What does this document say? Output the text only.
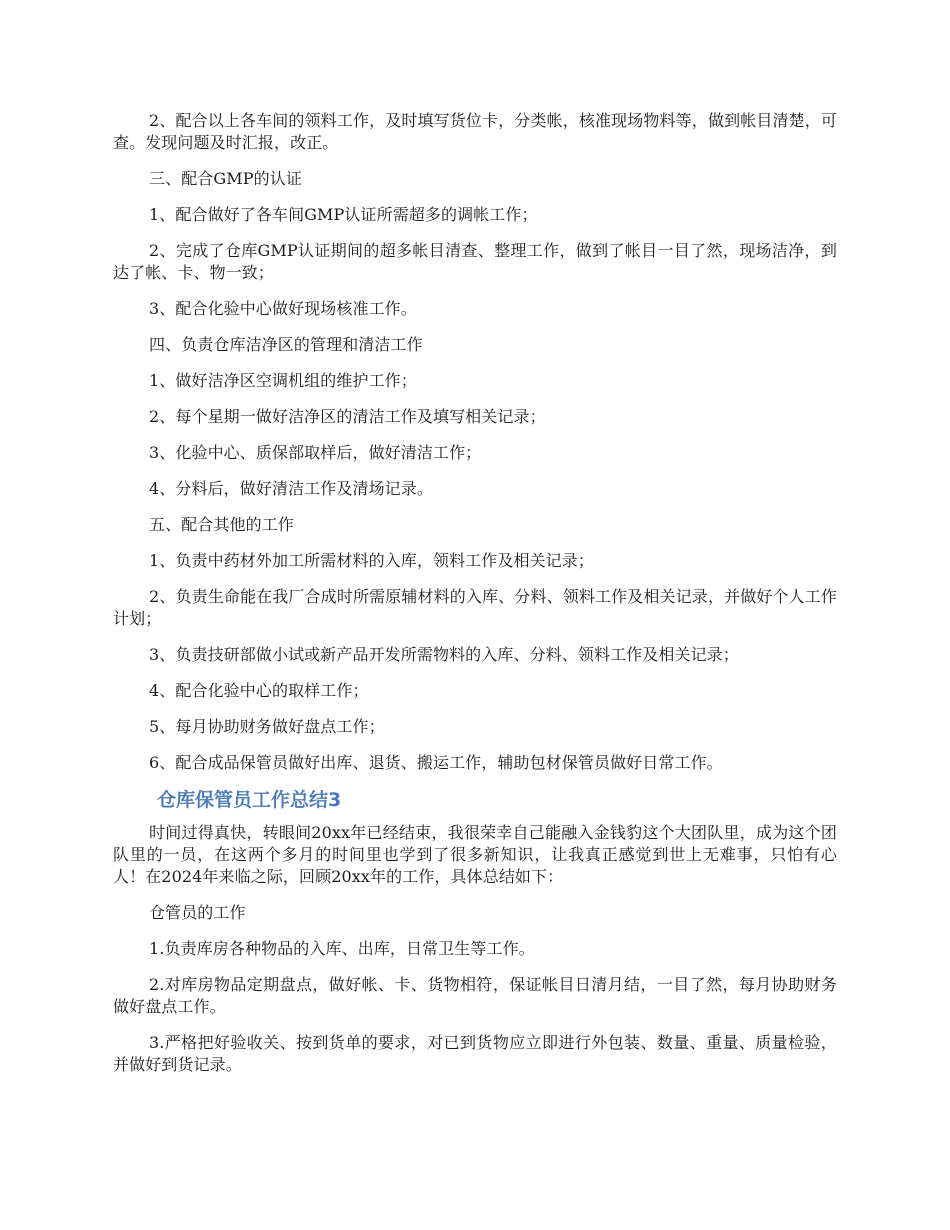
2、配合以上各车间的领料工作，及时填写货位卡，分类帐，核准现场物料等，做到帐目清楚，可查。发现问题及时汇报，改正。

三、配合GMP的认证

1、配合做好了各车间GMP认证所需超多的调帐工作；

2、完成了仓库GMP认证期间的超多帐目清查、整理工作，做到了帐目一目了然，现场洁净，到达了帐、卡、物一致；

3、配合化验中心做好现场核准工作。

四、负责仓库洁净区的管理和清洁工作

1、做好洁净区空调机组的维护工作；

2、每个星期一做好洁净区的清洁工作及填写相关记录；

3、化验中心、质保部取样后，做好清洁工作；

4、分料后，做好清洁工作及清场记录。

五、配合其他的工作

1、负责中药材外加工所需材料的入库，领料工作及相关记录；

2、负责生命能在我厂合成时所需原辅材料的入库、分料、领料工作及相关记录，并做好个人工作计划；

3、负责技研部做小试或新产品开发所需物料的入库、分料、领料工作及相关记录；

4、配合化验中心的取样工作；

5、每月协助财务做好盘点工作；

6、配合成品保管员做好出库、退货、搬运工作，辅助包材保管员做好日常工作。

仓库保管员工作总结3

时间过得真快，转眼间20xx年已经结束，我很荣幸自己能融入金钱豹这个大团队里，成为这个团队里的一员，在这两个多月的时间里也学到了很多新知识，让我真正感觉到世上无难事，只怕有心人！在2024年来临之际，回顾20xx年的工作，具体总结如下：

仓管员的工作

1.负责库房各种物品的入库、出库，日常卫生等工作。

2.对库房物品定期盘点，做好帐、卡、货物相符，保证帐目日清月结，一目了然，每月协助财务做好盘点工作。

3.严格把好验收关、按到货单的要求，对已到货物应立即进行外包装、数量、重量、质量检验，并做好到货记录。
